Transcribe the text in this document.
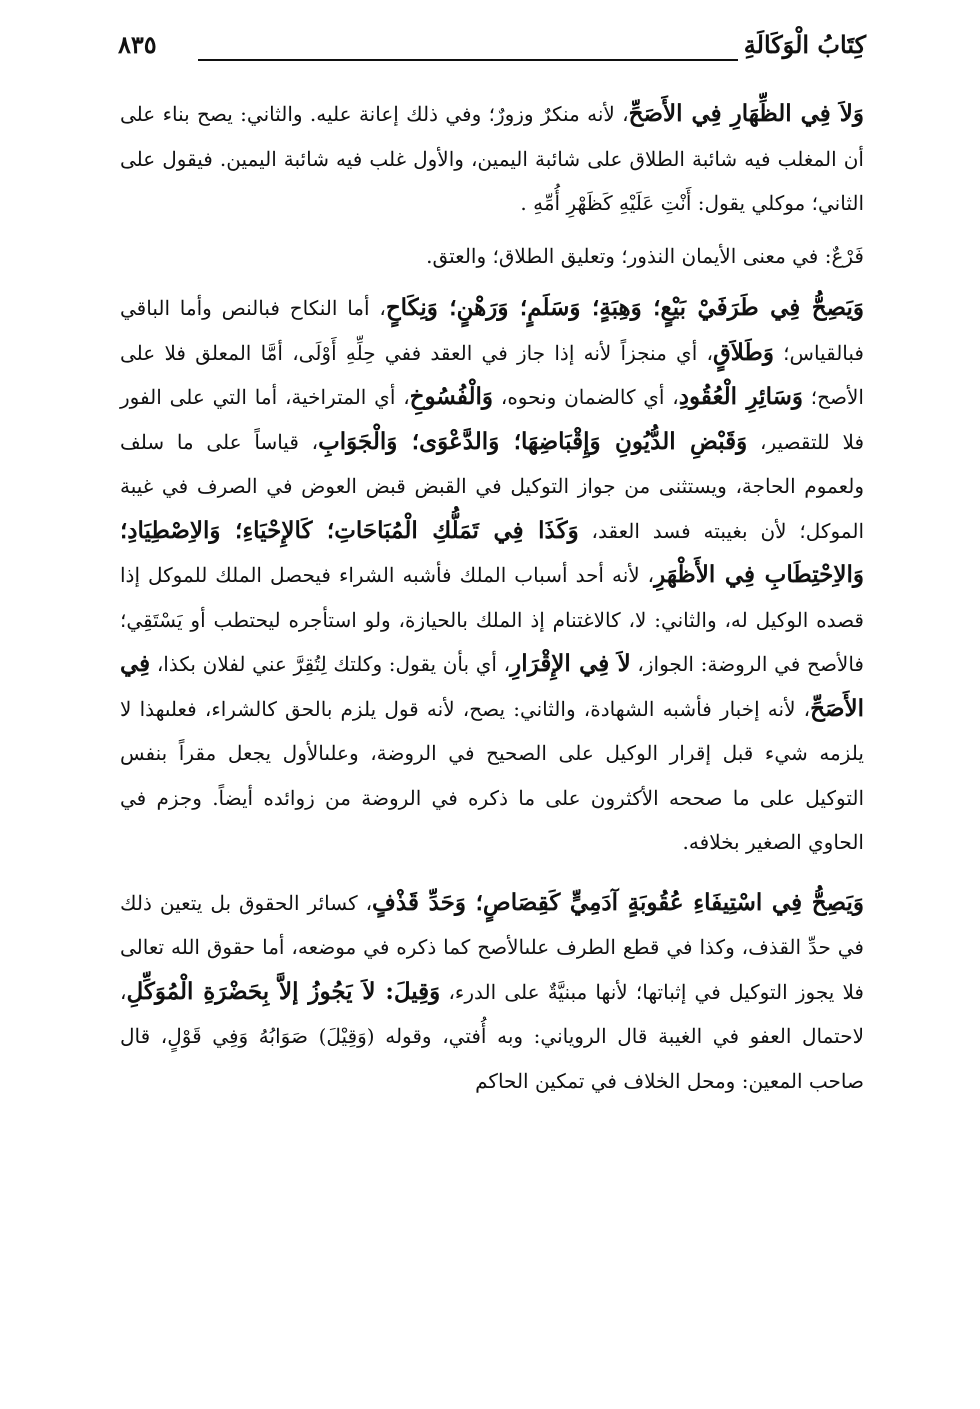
كِتَابُ الْوَكَالَةِ
٨٣٥

وَلاَ فِي الظِّهَارِ فِي الأَصَحِّ، لأنه منكرٌ وزورٌ؛ وفي ذلك إعانة عليه. والثاني: يصح بناء على أن المغلب فيه شائبة الطلاق على شائبة اليمين، والأول غلب فيه شائبة اليمين. فيقول على الثاني؛ موكلي يقول: أَنْتِ عَلَيْهِ كَظَهْرِ أُمِّهِ .

فَرْعٌ: في معنى الأيمان النذور؛ وتعليق الطلاق؛ والعتق.

وَيَصِحُّ فِي طَرَفَيْ بَيْعٍ؛ وَهِبَةٍ؛ وَسَلَمٍ؛ وَرَهْنٍ؛ وَنِكَاحٍ، أما النكاح فبالنص وأما الباقي فبالقياس؛ وَطَلاَقٍ، أي منجزاً لأنه إذا جاز في العقد ففي حِلِّهِ أَوْلَى، أمَّا المعلق فلا على الأصح؛ وَسَائِرِ الْعُقُودِ، أي كالضمان ونحوه، وَالْفُسُوخِ، أي المتراخية، أما التي على الفور فلا للتقصير، وَقَبْضِ الدُّيُونِ وَإِقْبَاضِهَا؛ وَالدَّعْوَى؛ وَالْجَوَابِ، قياساً على ما سلف ولعموم الحاجة، ويستثنى من جواز التوكيل في القبض قبض العوض في الصرف في غيبة الموكل؛ لأن بغيبته فسد العقد، وَكَذَا فِي تَمَلُّكِ الْمُبَاحَاتِ؛ كَالإِحْيَاءِ؛ وَالاِصْطِيَادِ؛ وَالاِحْتِطَابِ فِي الأَظْهَرِ، لأنه أحد أسباب الملك فأشبه الشراء فيحصل الملك للموكل إذا قصده الوكيل له، والثاني: لا، كالاغتنام إذ الملك بالحيازة، ولو استأجره ليحتطب أو يَسْتَقِي؛ فالأصح في الروضة: الجواز، لاَ فِي الإِقْرَارِ، أي بأن يقول: وكلتك لِتُقِرَّ عني لفلان بكذا، فِي الأَصَحِّ، لأنه إخبار فأشبه الشهادة، والثاني: يصح، لأنه قول يلزم بالحق كالشراء، فعلىهذا لا يلزمه شيء قبل إقرار الوكيل على الصحيح في الروضة، وعلىالأول يجعل مقراً بنفس التوكيل على ما صححه الأكثرون على ما ذكره في الروضة من زوائده أيضاً. وجزم في الحاوي الصغير بخلافه.

وَيَصِحُّ فِي اسْتِيفَاءِ عُقُوبَةٍ آدَمِيٍّ كَقِصَاصٍ؛ وَحَدِّ قَذْفٍ، كسائر الحقوق بل يتعين ذلك في حدِّ القذف، وكذا في قطع الطرف علىالأصح كما ذكره في موضعه، أما حقوق الله تعالى فلا يجوز التوكيل في إثباتها؛ لأنها مبنيَّةٌ على الدرء، وَقِيلَ: لاَ يَجُوزُ إلاَّ بِحَضْرَةِ الْمُوَكِّلِ، لاحتمال العفو في الغيبة قال الروياني: وبه أُفتي، وقوله (وَقِيْلَ) صَوَابُهُ وَفِي قَوْلٍ، قال صاحب المعين: ومحل الخلاف في تمكين الحاكم
